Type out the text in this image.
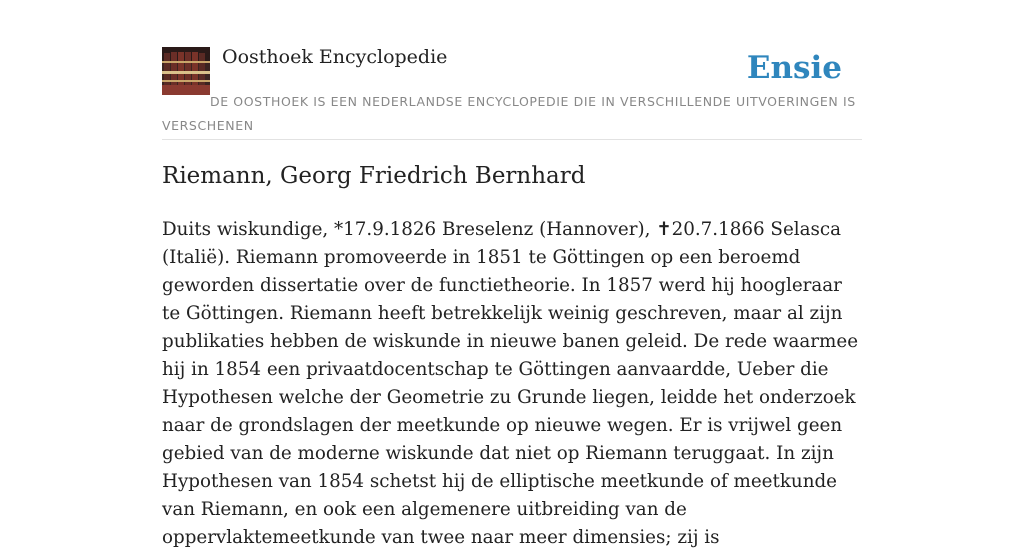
Oosthoek Encyclopedie	Ensie
DE OOSTHOEK IS EEN NEDERLANDSE ENCYCLOPEDIE DIE IN VERSCHILLENDE UITVOERINGEN IS VERSCHENEN
Riemann, Georg Friedrich Bernhard

Duits wiskundige, *17.9.1826 Breselenz (Hannover), ✝20.7.1866 Selasca (Italië). Riemann promoveerde in 1851 te Göttingen op een beroemd geworden dissertatie over de functietheorie. In 1857 werd hij hoogleraar te Göttingen. Riemann heeft betrekkelijk weinig geschreven, maar al zijn publikaties hebben de wiskunde in nieuwe banen geleid. De rede waarmee hij in 1854 een privaatdocentschap te Göttingen aanvaardde, Ueber die Hypothesen welche der Geometrie zu Grunde liegen, leidde het onderzoek naar de grondslagen der meetkunde op nieuwe wegen. Er is vrijwel geen gebied van de moderne wiskunde dat niet op Riemann teruggaat. In zijn Hypothesen van 1854 schetst hij de elliptische meetkunde of meetkunde van Riemann, en ook een algemenere uitbreiding van de oppervlaktemeetkunde van twee naar meer dimensies; zij is
